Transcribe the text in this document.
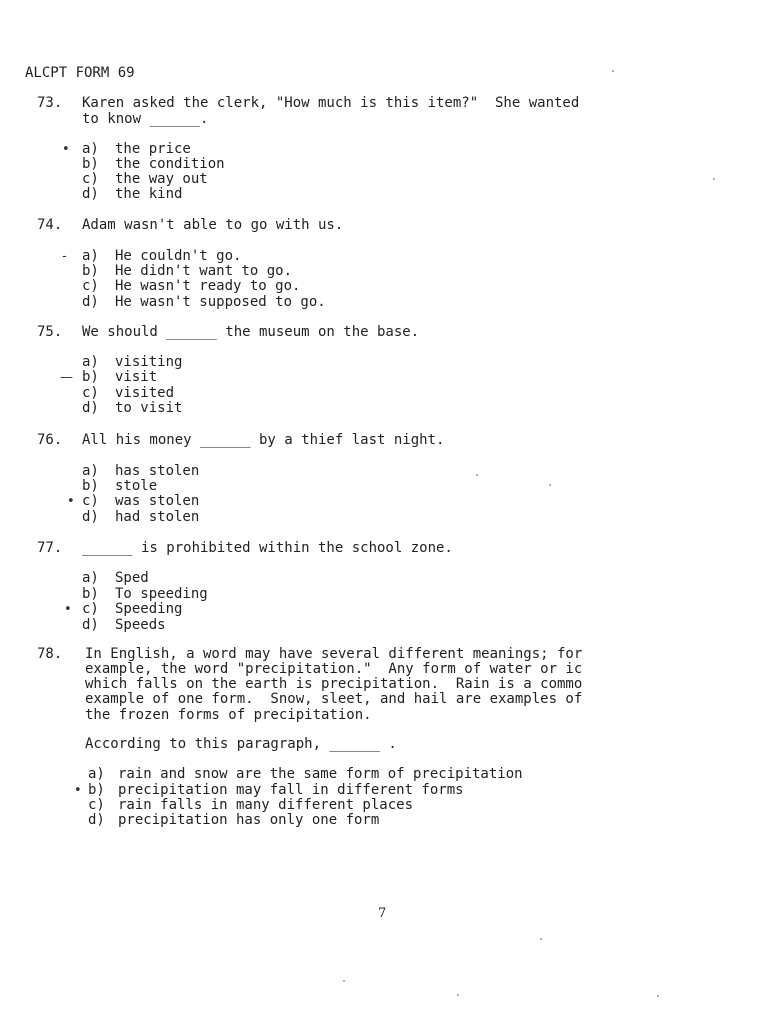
ALCPT FORM 69
73. Karen asked the clerk, "How much is this item?"  She wanted
to know ______.
• a) the price
b) the condition
c) the way out
d) the kind
74. Adam wasn't able to go with us.
- a) He couldn't go.
b) He didn't want to go.
c) He wasn't ready to go.
d) He wasn't supposed to go.
75. We should ______ the museum on the base.
a) visiting
— b) visit
c) visited
d) to visit
76. All his money ______ by a thief last night.
a) has stolen
b) stole
• c) was stolen
d) had stolen
77. ______ is prohibited within the school zone.
a) Sped
b) To speeding
• c) Speeding
d) Speeds
78. In English, a word may have several different meanings; for
example, the word "precipitation."  Any form of water or ic
which falls on the earth is precipitation.  Rain is a commo
example of one form.  Snow, sleet, and hail are examples of
the frozen forms of precipitation.
According to this paragraph, ______ .
a) rain and snow are the same form of precipitation
• b) precipitation may fall in different forms
c) rain falls in many different places
d) precipitation has only one form
7
